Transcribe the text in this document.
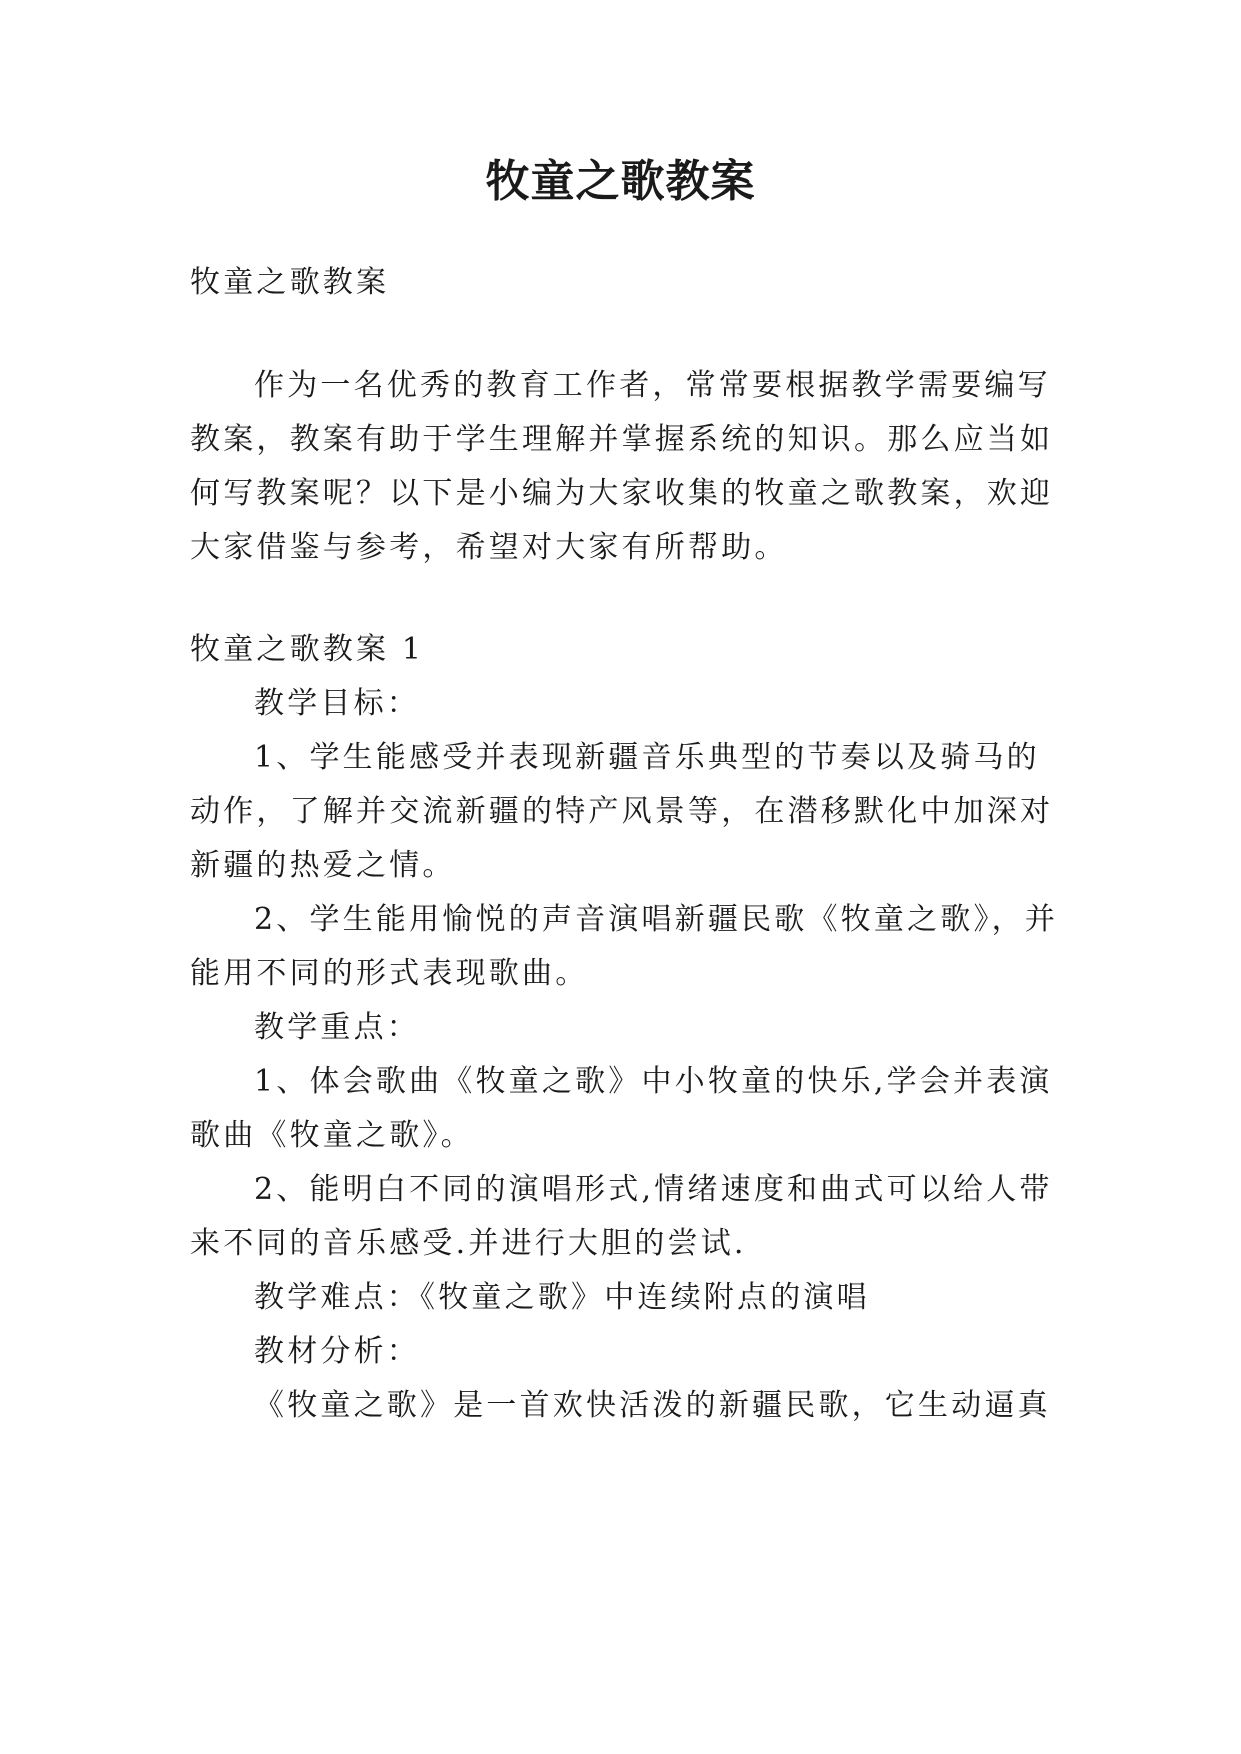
牧童之歌教案

牧童之歌教案

作为一名优秀的教育工作者，常常要根据教学需要编写

教案，教案有助于学生理解并掌握系统的知识。那么应当如

何写教案呢？以下是小编为大家收集的牧童之歌教案，欢迎

大家借鉴与参考，希望对大家有所帮助。

牧童之歌教案 1

教学目标：

1、学生能感受并表现新疆音乐典型的节奏以及骑马的

动作，了解并交流新疆的特产风景等，在潜移默化中加深对

新疆的热爱之情。

2、学生能用愉悦的声音演唱新疆民歌《牧童之歌》，并

能用不同的形式表现歌曲。

教学重点：

1、体会歌曲《牧童之歌》中小牧童的快乐,学会并表演

歌曲《牧童之歌》。

2、能明白不同的演唱形式,情绪速度和曲式可以给人带

来不同的音乐感受.并进行大胆的尝试.

教学难点：《牧童之歌》中连续附点的演唱

教材分析：

《牧童之歌》是一首欢快活泼的新疆民歌，它生动逼真
